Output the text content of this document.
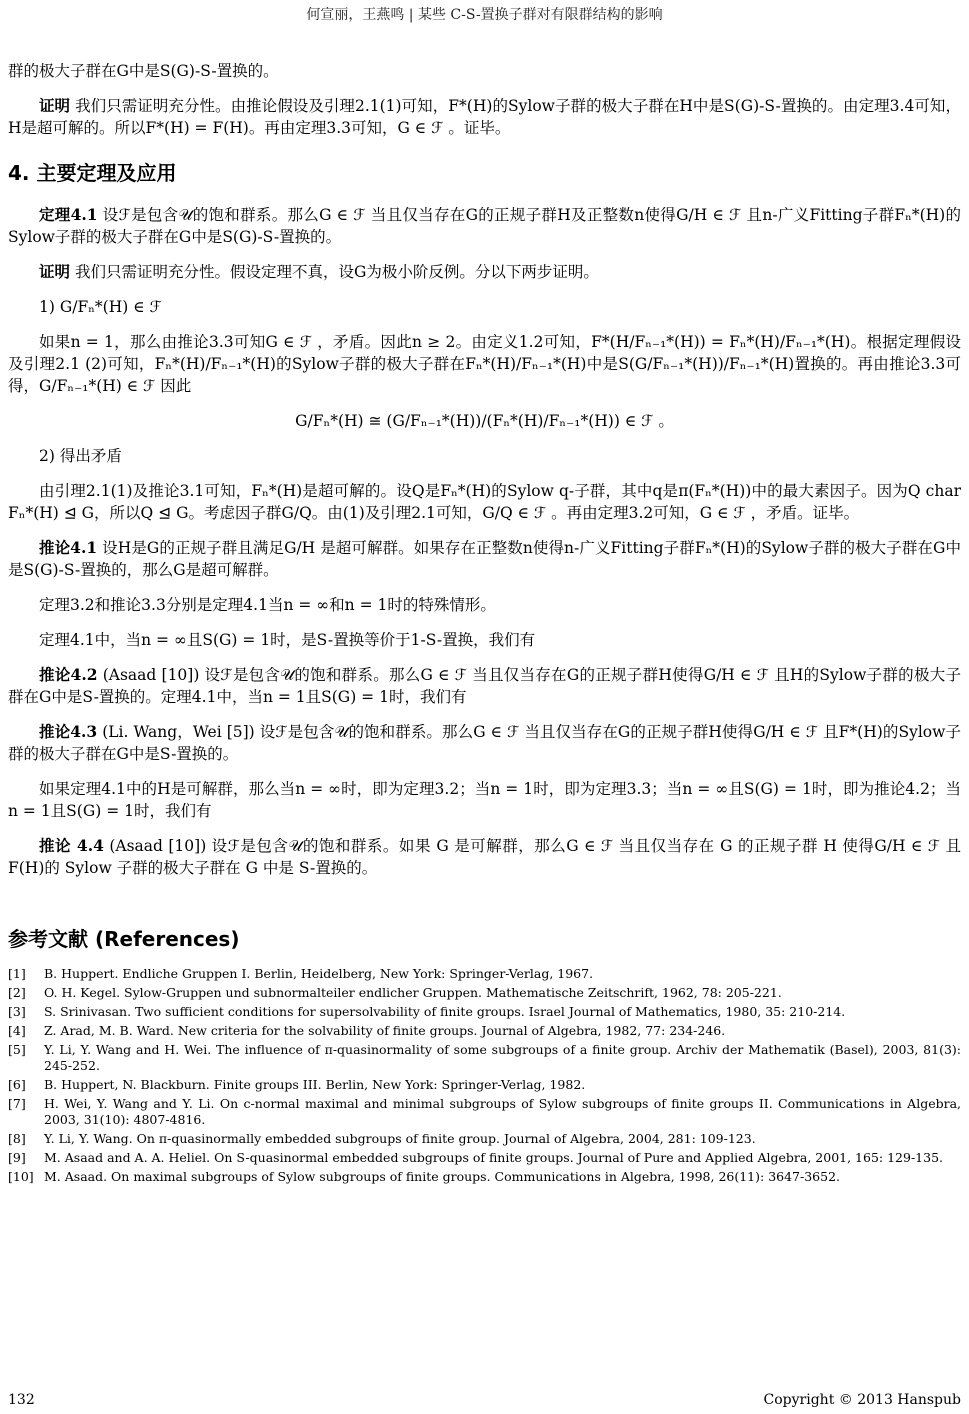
何宣丽，王燕鸣 | 某些 C-S-置换子群对有限群结构的影响

群的极大子群在G中是S(G)-S-置换的。

证明 我们只需证明充分性。由推论假设及引理2.1(1)可知，F*(H)的Sylow子群的极大子群在H中是S(G)-S-置换的。由定理3.4可知，H是超可解的。所以F*(H) = F(H)。再由定理3.3可知，G ∈ ℱ 。证毕。

4. 主要定理及应用

定理4.1 设ℱ是包含𝒰的饱和群系。那么G ∈ ℱ 当且仅当存在G的正规子群H及正整数n使得G/H ∈ ℱ 且n-广义Fitting子群Fₙ*(H)的Sylow子群的极大子群在G中是S(G)-S-置换的。

证明 我们只需证明充分性。假设定理不真，设G为极小阶反例。分以下两步证明。

1) G/Fₙ*(H) ∈ ℱ

如果n = 1，那么由推论3.3可知G ∈ ℱ ，矛盾。因此n ≥ 2。由定义1.2可知，F*(H/Fₙ₋₁*(H)) = Fₙ*(H)/Fₙ₋₁*(H)。根据定理假设及引理2.1 (2)可知，Fₙ*(H)/Fₙ₋₁*(H)的Sylow子群的极大子群在Fₙ*(H)/Fₙ₋₁*(H)中是S(G/Fₙ₋₁*(H))/Fₙ₋₁*(H)置换的。再由推论3.3可得，G/Fₙ₋₁*(H) ∈ ℱ 因此

G/Fₙ*(H) ≅ (G/Fₙ₋₁*(H))/(Fₙ*(H)/Fₙ₋₁*(H)) ∈ ℱ 。

2) 得出矛盾

由引理2.1(1)及推论3.1可知，Fₙ*(H)是超可解的。设Q是Fₙ*(H)的Sylow q-子群，其中q是π(Fₙ*(H))中的最大素因子。因为Q char Fₙ*(H) ⊴ G，所以Q ⊴ G。考虑因子群G/Q。由(1)及引理2.1可知，G/Q ∈ ℱ 。再由定理3.2可知，G ∈ ℱ ，矛盾。证毕。

推论4.1 设H是G的正规子群且满足G/H 是超可解群。如果存在正整数n使得n-广义Fitting子群Fₙ*(H)的Sylow子群的极大子群在G中是S(G)-S-置换的，那么G是超可解群。

定理3.2和推论3.3分别是定理4.1当n = ∞和n = 1时的特殊情形。

定理4.1中，当n = ∞且S(G) = 1时，是S-置换等价于1-S-置换，我们有

推论4.2 (Asaad [10]) 设ℱ是包含𝒰的饱和群系。那么G ∈ ℱ 当且仅当存在G的正规子群H使得G/H ∈ ℱ 且H的Sylow子群的极大子群在G中是S-置换的。定理4.1中，当n = 1且S(G) = 1时，我们有

推论4.3 (Li. Wang，Wei [5]) 设ℱ是包含𝒰的饱和群系。那么G ∈ ℱ 当且仅当存在G的正规子群H使得G/H ∈ ℱ 且F*(H)的Sylow子群的极大子群在G中是S-置换的。

如果定理4.1中的H是可解群，那么当n = ∞时，即为定理3.2；当n = 1时，即为定理3.3；当n = ∞且S(G) = 1时，即为推论4.2；当n = 1且S(G) = 1时，我们有

推论 4.4 (Asaad [10]) 设ℱ是包含𝒰的饱和群系。如果 G 是可解群，那么G ∈ ℱ 当且仅当存在 G 的正规子群 H 使得G/H ∈ ℱ 且 F(H)的 Sylow 子群的极大子群在 G 中是 S-置换的。

参考文献 (References)
[1]	B. Huppert. Endliche Gruppen I. Berlin, Heidelberg, New York: Springer-Verlag, 1967.
[2]	O. H. Kegel. Sylow-Gruppen und subnormalteiler endlicher Gruppen. Mathematische Zeitschrift, 1962, 78: 205-221.
[3]	S. Srinivasan. Two sufficient conditions for supersolvability of finite groups. Israel Journal of Mathematics, 1980, 35: 210-214.
[4]	Z. Arad, M. B. Ward. New criteria for the solvability of finite groups. Journal of Algebra, 1982, 77: 234-246.
[5]	Y. Li, Y. Wang and H. Wei. The influence of π-quasinormality of some subgroups of a finite group. Archiv der Mathematik (Basel), 2003, 81(3): 245-252.
[6]	B. Huppert, N. Blackburn. Finite groups III. Berlin, New York: Springer-Verlag, 1982.
[7]	H. Wei, Y. Wang and Y. Li. On c-normal maximal and minimal subgroups of Sylow subgroups of finite groups II. Communications in Algebra, 2003, 31(10): 4807-4816.
[8]	Y. Li, Y. Wang. On π-quasinormally embedded subgroups of finite group. Journal of Algebra, 2004, 281: 109-123.
[9]	M. Asaad and A. A. Heliel. On S-quasinormal embedded subgroups of finite groups. Journal of Pure and Applied Algebra, 2001, 165: 129-135.
[10] M. Asaad. On maximal subgroups of Sylow subgroups of finite groups. Communications in Algebra, 1998, 26(11): 3647-3652.
132	Copyright © 2013 Hanspub
